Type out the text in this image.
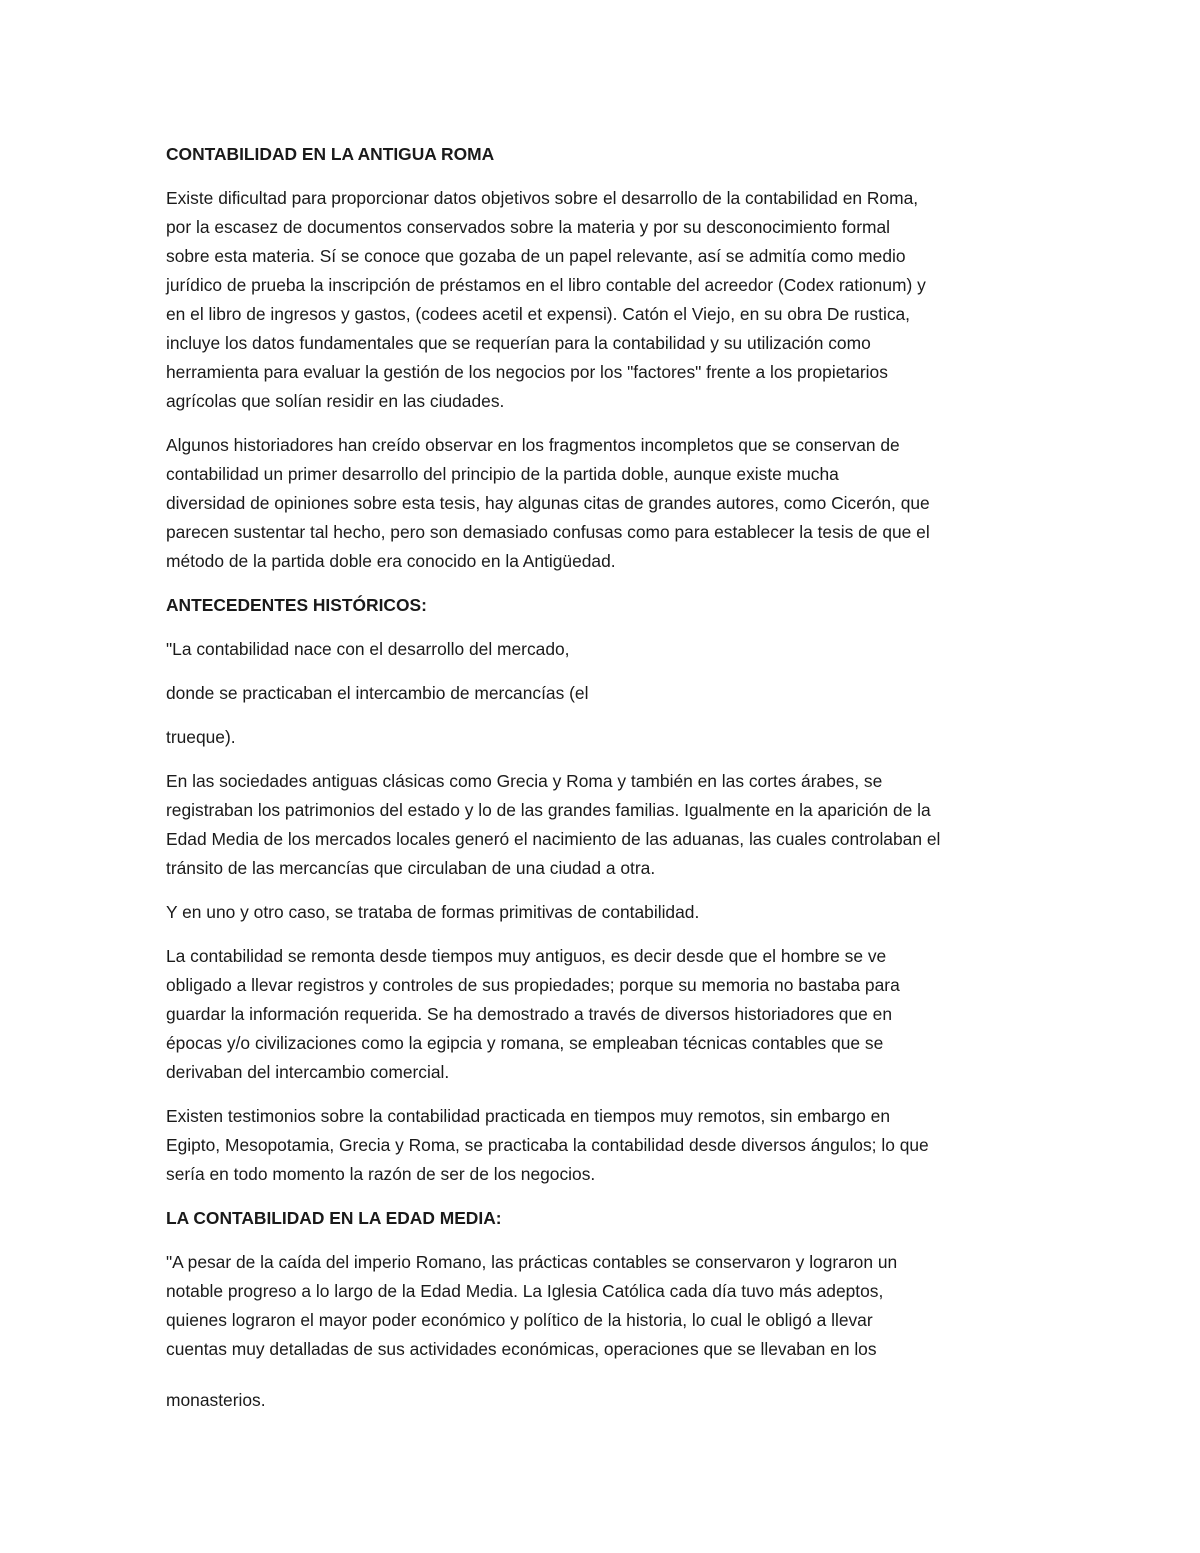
CONTABILIDAD EN LA ANTIGUA ROMA
Existe dificultad para proporcionar datos objetivos sobre el desarrollo de la contabilidad en Roma,
por la escasez de documentos conservados sobre la materia y por su desconocimiento formal
sobre esta materia. Sí se conoce que gozaba de un papel relevante, así se admitía como medio
jurídico de prueba la inscripción de préstamos en el libro contable del acreedor (Codex rationum) y
en el libro de ingresos y gastos, (codees acetil et expensi). Catón el Viejo, en su obra De rustica,
incluye los datos fundamentales que se requerían para la contabilidad y su utilización como
herramienta para evaluar la gestión de los negocios por los "factores" frente a los propietarios
agrícolas que solían residir en las ciudades.
Algunos historiadores han creído observar en los fragmentos incompletos que se conservan de
contabilidad un primer desarrollo del principio de la partida doble, aunque existe mucha
diversidad de opiniones sobre esta tesis, hay algunas citas de grandes autores, como Cicerón, que
parecen sustentar tal hecho, pero son demasiado confusas como para establecer la tesis de que el
método de la partida doble era conocido en la Antigüedad.
ANTECEDENTES HISTÓRICOS:
"La contabilidad nace con el desarrollo del mercado,
donde se practicaban el intercambio de mercancías (el
trueque).
En las sociedades antiguas clásicas como Grecia y Roma y también en las cortes árabes, se
registraban los patrimonios del estado y lo de las grandes familias. Igualmente en la aparición de la
Edad Media de los mercados locales generó el nacimiento de las aduanas, las cuales controlaban el
tránsito de las mercancías que circulaban de una ciudad a otra.
Y en uno y otro caso, se trataba de formas primitivas de contabilidad.
La contabilidad se remonta desde tiempos muy antiguos, es decir desde que el hombre se ve
obligado a llevar registros y controles de sus propiedades; porque su memoria no bastaba para
guardar la información requerida. Se ha demostrado a través de diversos historiadores que en
épocas y/o civilizaciones como la egipcia y romana, se empleaban técnicas contables que se
derivaban del intercambio comercial.
Existen testimonios sobre la contabilidad practicada en tiempos muy remotos, sin embargo en
Egipto, Mesopotamia, Grecia y Roma, se practicaba la contabilidad desde diversos ángulos; lo que
sería en todo momento la razón de ser de los negocios.
LA CONTABILIDAD EN LA EDAD MEDIA:
"A pesar de la caída del imperio Romano, las prácticas contables se conservaron y lograron un
notable progreso a lo largo de la Edad Media. La Iglesia Católica cada día tuvo más adeptos,
quienes lograron el mayor poder económico y político de la historia, lo cual le obligó a llevar
cuentas muy detalladas de sus actividades económicas, operaciones que se llevaban en los
monasterios.
